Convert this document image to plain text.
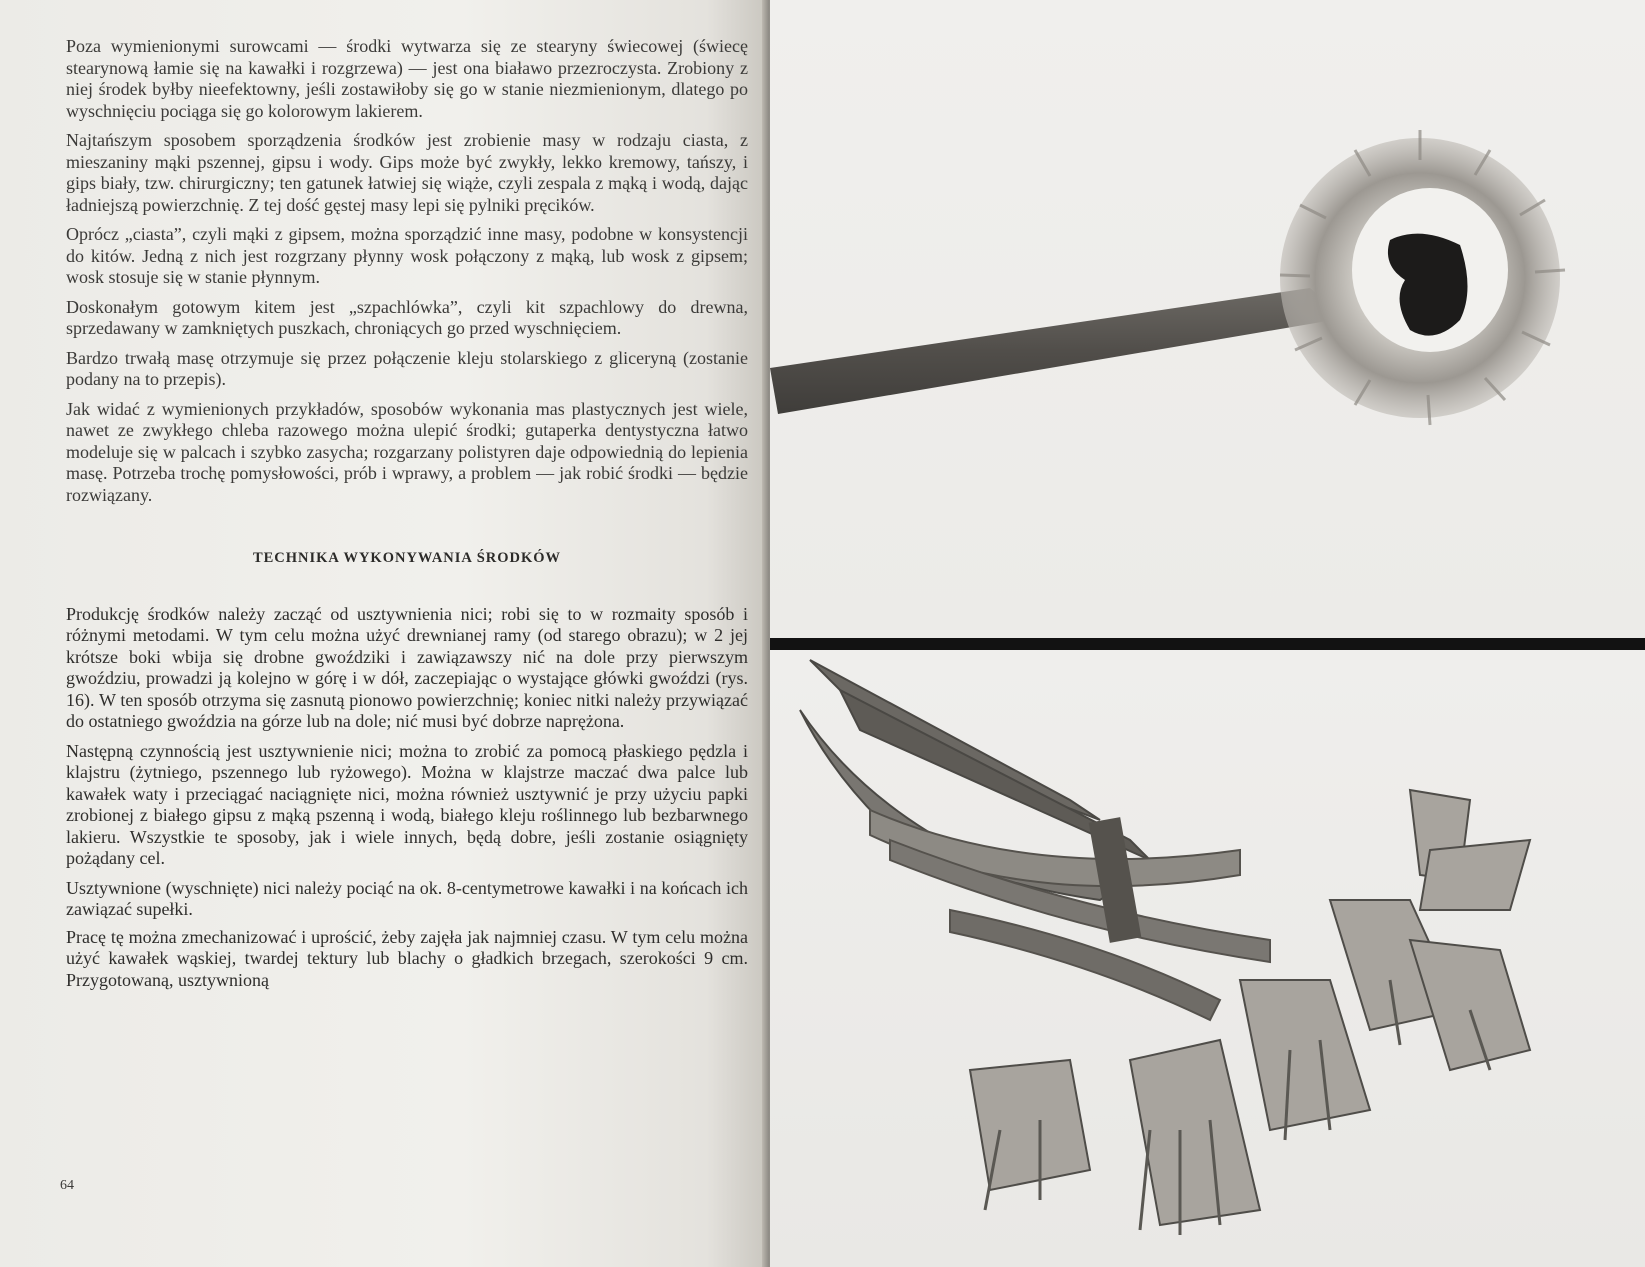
Poza wymienionymi surowcami — środki wytwarza się ze stearyny świecowej (świecę stearynową łamie się na kawałki i rozgrzewa) — jest ona białawo przezroczysta. Zrobiony z niej środek byłby nieefektowny, jeśli zostawiłoby się go w stanie niezmienionym, dlatego po wyschnięciu pociąga się go kolorowym lakierem.

Najtańszym sposobem sporządzenia środków jest zrobienie masy w rodzaju ciasta, z mieszaniny mąki pszennej, gipsu i wody. Gips może być zwykły, lekko kremowy, tańszy, i gips biały, tzw. chirurgiczny; ten gatunek łatwiej się wiąże, czyli zespala z mąką i wodą, dając ładniejszą powierzchnię. Z tej dość gęstej masy lepi się pylniki pręcików.

Oprócz „ciasta”, czyli mąki z gipsem, można sporządzić inne masy, podobne w konsystencji do kitów. Jedną z nich jest rozgrzany płynny wosk połączony z mąką, lub wosk z gipsem; wosk stosuje się w stanie płynnym.

Doskonałym gotowym kitem jest „szpachlówka”, czyli kit szpachlowy do drewna, sprzedawany w zamkniętych puszkach, chroniących go przed wyschnięciem.

Bardzo trwałą masę otrzymuje się przez połączenie kleju stolarskiego z gliceryną (zostanie podany na to przepis).

Jak widać z wymienionych przykładów, sposobów wykonania mas plastycznych jest wiele, nawet ze zwykłego chleba razowego można ulepić środki; gutaperka dentystyczna łatwo modeluje się w palcach i szybko zasycha; rozgarzany polistyren daje odpowiednią do lepienia masę. Potrzeba trochę pomysłowości, prób i wprawy, a problem — jak robić środki — będzie rozwiązany.

TECHNIKA WYKONYWANIA ŚRODKÓW

Produkcję środków należy zacząć od usztywnienia nici; robi się to w rozmaity sposób i różnymi metodami. W tym celu można użyć drewnianej ramy (od starego obrazu); w 2 jej krótsze boki wbija się drobne gwoździki i zawiązawszy nić na dole przy pierwszym gwoździu, prowadzi ją kolejno w górę i w dół, zaczepiając o wystające główki gwoździ (rys. 16). W ten sposób otrzyma się zasnutą pionowo powierzchnię; koniec nitki należy przywiązać do ostatniego gwoździa na górze lub na dole; nić musi być dobrze naprężona.

Następną czynnością jest usztywnienie nici; można to zrobić za pomocą płaskiego pędzla i klajstru (żytniego, pszennego lub ryżowego). Można w klajstrze maczać dwa palce lub kawałek waty i przeciągać naciągnięte nici, można również usztywnić je przy użyciu papki zrobionej z białego gipsu z mąką pszenną i wodą, białego kleju roślinnego lub bezbarwnego lakieru. Wszystkie te sposoby, jak i wiele innych, będą dobre, jeśli zostanie osiągnięty pożądany cel.

Usztywnione (wyschnięte) nici należy pociąć na ok. 8-centymetrowe kawałki i na końcach ich zawiązać supełki.

Pracę tę można zmechanizować i uprościć, żeby zajęła jak najmniej czasu. W tym celu można użyć kawałek wąskiej, twardej tektury lub blachy o gładkich brzegach, szerokości 9 cm. Przygotowaną, usztywnioną

64
